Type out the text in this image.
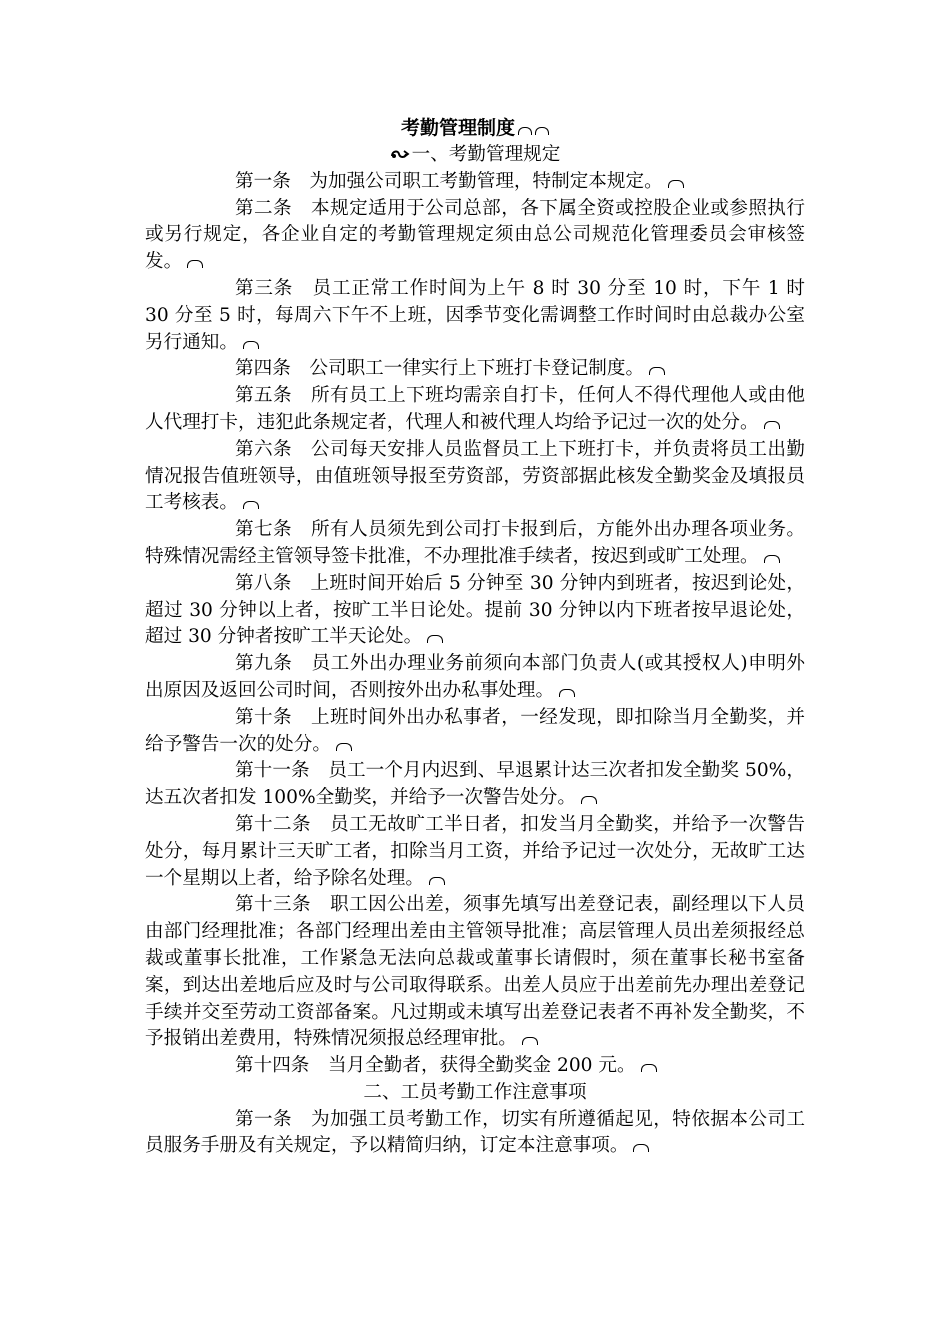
考勤管理制度

一、考勤管理规定

第一条　为加强公司职工考勤管理，特制定本规定。

第二条　本规定适用于公司总部，各下属全资或控股企业或参照执行或另行规定，各企业自定的考勤管理规定须由总公司规范化管理委员会审核签发。

第三条　员工正常工作时间为上午 8 时 30 分至 10 时，下午 1 时 30 分至 5 时，每周六下午不上班，因季节变化需调整工作时间时由总裁办公室另行通知。

第四条　公司职工一律实行上下班打卡登记制度。

第五条　所有员工上下班均需亲自打卡，任何人不得代理他人或由他人代理打卡，违犯此条规定者，代理人和被代理人均给予记过一次的处分。

第六条　公司每天安排人员监督员工上下班打卡，并负责将员工出勤情况报告值班领导，由值班领导报至劳资部，劳资部据此核发全勤奖金及填报员工考核表。

第七条　所有人员须先到公司打卡报到后，方能外出办理各项业务。特殊情况需经主管领导签卡批准，不办理批准手续者，按迟到或旷工处理。

第八条　上班时间开始后 5 分钟至 30 分钟内到班者，按迟到论处，超过 30 分钟以上者，按旷工半日论处。提前 30 分钟以内下班者按早退论处，超过 30 分钟者按旷工半天论处。

第九条　员工外出办理业务前须向本部门负责人(或其授权人)申明外出原因及返回公司时间，否则按外出办私事处理。

第十条　上班时间外出办私事者，一经发现，即扣除当月全勤奖，并给予警告一次的处分。

第十一条　员工一个月内迟到、早退累计达三次者扣发全勤奖 50%，达五次者扣发 100%全勤奖，并给予一次警告处分。

第十二条　员工无故旷工半日者，扣发当月全勤奖，并给予一次警告处分，每月累计三天旷工者，扣除当月工资，并给予记过一次处分，无故旷工达一个星期以上者，给予除名处理。

第十三条　职工因公出差，须事先填写出差登记表，副经理以下人员由部门经理批准；各部门经理出差由主管领导批准；高层管理人员出差须报经总裁或董事长批准，工作紧急无法向总裁或董事长请假时，须在董事长秘书室备案，到达出差地后应及时与公司取得联系。出差人员应于出差前先办理出差登记手续并交至劳动工资部备案。凡过期或未填写出差登记表者不再补发全勤奖，不予报销出差费用，特殊情况须报总经理审批。

第十四条　当月全勤者，获得全勤奖金 200 元。

二、工员考勤工作注意事项

第一条　为加强工员考勤工作，切实有所遵循起见，特依据本公司工员服务手册及有关规定，予以精简归纳，订定本注意事项。
